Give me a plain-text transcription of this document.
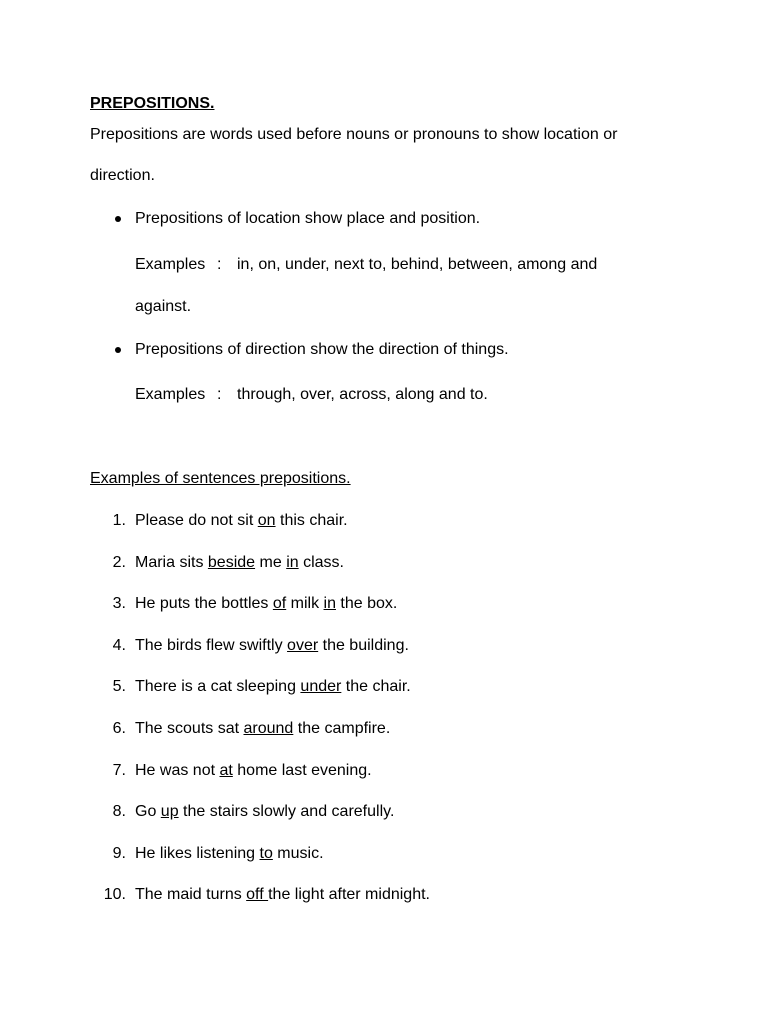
PREPOSITIONS.
Prepositions are words used before nouns or pronouns to show location or
direction.
Prepositions of location show place and position.
Examples : in, on, under, next to, behind, between, among and
against.
Prepositions of direction show the direction of things.
Examples : through, over, across, along and to.
Examples of sentences prepositions.
1. Please do not sit on this chair.
2. Maria sits beside me in class.
3. He puts the bottles of milk in the box.
4. The birds flew swiftly over the building.
5. There is a cat sleeping under the chair.
6. The scouts sat around the campfire.
7. He was not at home last evening.
8. Go up the stairs slowly and carefully.
9. He likes listening to music.
10. The maid turns off the light after midnight.
